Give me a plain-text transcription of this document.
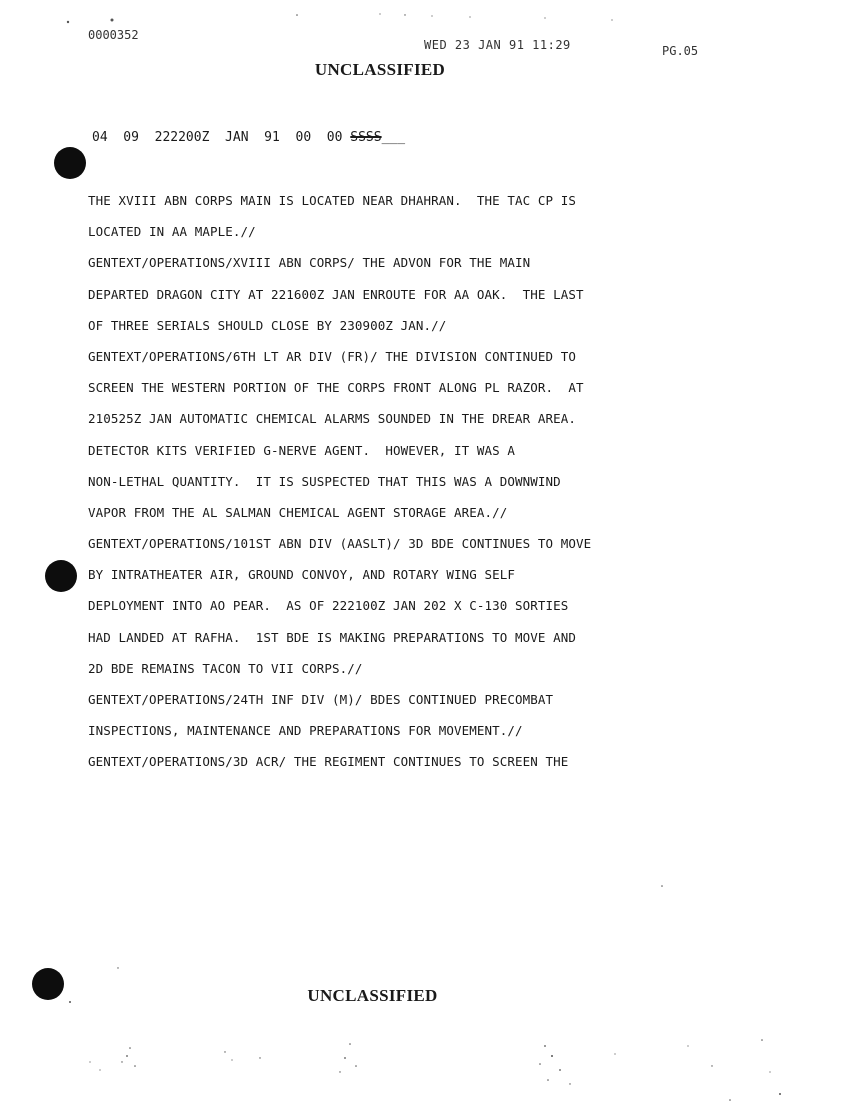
0000352
WED 23 JAN 91 11:29	PG.05
UNCLASSIFIED
04  09  222200Z  JAN  91  00  00 SSSS___
THE XVIII ABN CORPS MAIN IS LOCATED NEAR DHAHRAN.  THE TAC CP IS
LOCATED IN AA MAPLE.//
GENTEXT/OPERATIONS/XVIII ABN CORPS/ THE ADVON FOR THE MAIN
DEPARTED DRAGON CITY AT 221600Z JAN ENROUTE FOR AA OAK.  THE LAST
OF THREE SERIALS SHOULD CLOSE BY 230900Z JAN.//
GENTEXT/OPERATIONS/6TH LT AR DIV (FR)/ THE DIVISION CONTINUED TO
SCREEN THE WESTERN PORTION OF THE CORPS FRONT ALONG PL RAZOR.  AT
210525Z JAN AUTOMATIC CHEMICAL ALARMS SOUNDED IN THE DREAR AREA.
DETECTOR KITS VERIFIED G-NERVE AGENT.  HOWEVER, IT WAS A
NON-LETHAL QUANTITY.  IT IS SUSPECTED THAT THIS WAS A DOWNWIND
VAPOR FROM THE AL SALMAN CHEMICAL AGENT STORAGE AREA.//
GENTEXT/OPERATIONS/101ST ABN DIV (AASLT)/ 3D BDE CONTINUES TO MOVE
BY INTRATHEATER AIR, GROUND CONVOY, AND ROTARY WING SELF
DEPLOYMENT INTO AO PEAR.  AS OF 222100Z JAN 202 X C-130 SORTIES
HAD LANDED AT RAFHA.  1ST BDE IS MAKING PREPARATIONS TO MOVE AND
2D BDE REMAINS TACON TO VII CORPS.//
GENTEXT/OPERATIONS/24TH INF DIV (M)/ BDES CONTINUED PRECOMBAT
INSPECTIONS, MAINTENANCE AND PREPARATIONS FOR MOVEMENT.//
GENTEXT/OPERATIONS/3D ACR/ THE REGIMENT CONTINUES TO SCREEN THE
UNCLASSIFIED
